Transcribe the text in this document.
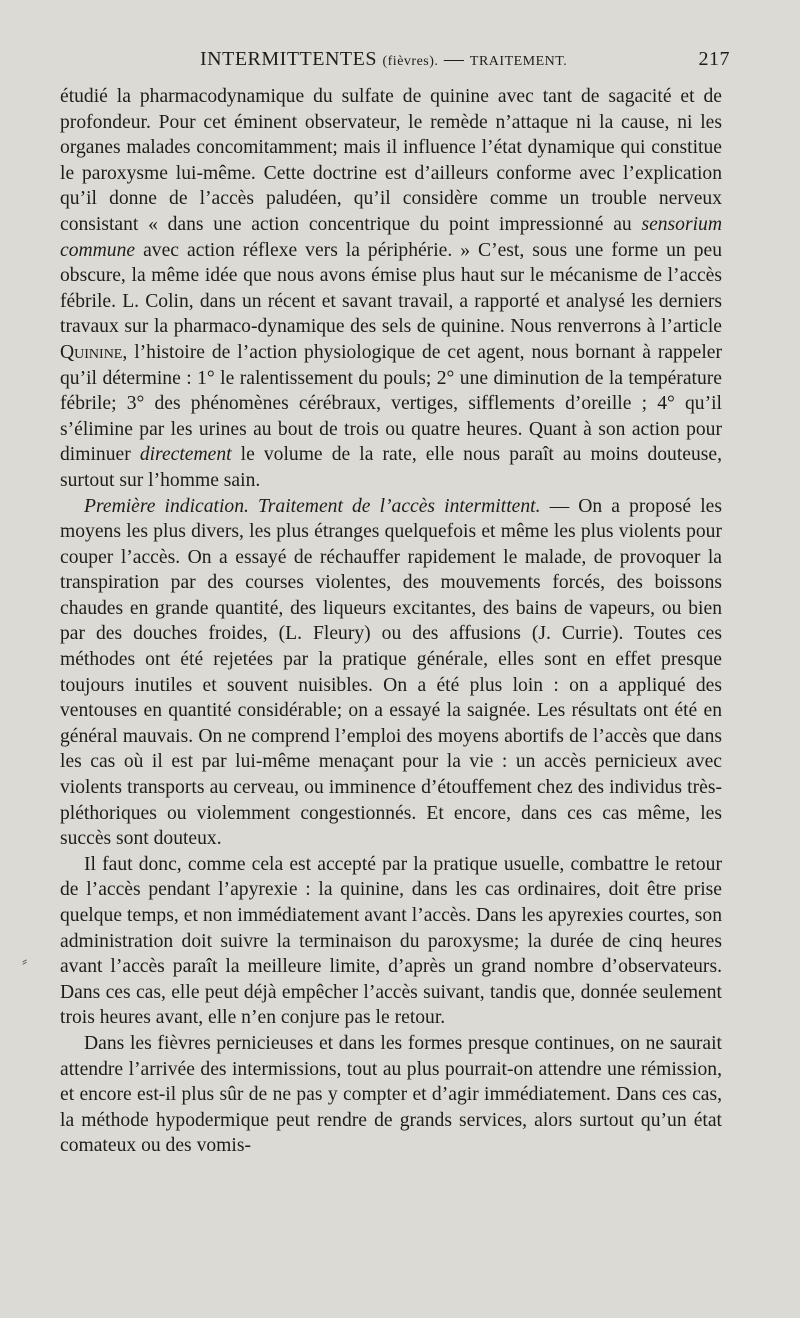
INTERMITTENTES (fièvres). — TRAITEMENT.	217
⸗

étudié la pharmacodynamique du sulfate de quinine avec tant de sagacité et de profondeur. Pour cet éminent observateur, le remède n’attaque ni la cause, ni les organes malades concomitamment; mais il influence l’état dynamique qui constitue le paroxysme lui-même. Cette doctrine est d’ailleurs conforme avec l’explication qu’il donne de l’accès paludéen, qu’il considère comme un trouble nerveux consistant « dans une action concentrique du point impressionné au sensorium commune avec action réflexe vers la périphérie. » C’est, sous une forme un peu obscure, la même idée que nous avons émise plus haut sur le mécanisme de l’accès fébrile. L. Colin, dans un récent et savant travail, a rapporté et analysé les derniers travaux sur la pharmaco-dynamique des sels de quinine. Nous renverrons à l’article Quinine, l’histoire de l’action physiologique de cet agent, nous bornant à rappeler qu’il détermine : 1° le ralentissement du pouls; 2° une diminution de la température fébrile; 3° des phénomènes cérébraux, vertiges, sifflements d’oreille ; 4° qu’il s’élimine par les urines au bout de trois ou quatre heures. Quant à son action pour diminuer directement le volume de la rate, elle nous paraît au moins douteuse, surtout sur l’homme sain.

Première indication. Traitement de l’accès intermittent. — On a proposé les moyens les plus divers, les plus étranges quelquefois et même les plus violents pour couper l’accès. On a essayé de réchauffer rapidement le malade, de provoquer la transpiration par des courses violentes, des mouvements forcés, des boissons chaudes en grande quantité, des liqueurs excitantes, des bains de vapeurs, ou bien par des douches froides, (L. Fleury) ou des affusions (J. Currie). Toutes ces méthodes ont été rejetées par la pratique générale, elles sont en effet presque toujours inutiles et souvent nuisibles. On a été plus loin : on a appliqué des ventouses en quantité considérable; on a essayé la saignée. Les résultats ont été en général mauvais. On ne comprend l’emploi des moyens abortifs de l’accès que dans les cas où il est par lui-même menaçant pour la vie : un accès pernicieux avec violents transports au cerveau, ou imminence d’étouffement chez des individus très-pléthoriques ou violemment congestionnés. Et encore, dans ces cas même, les succès sont douteux.

Il faut donc, comme cela est accepté par la pratique usuelle, combattre le retour de l’accès pendant l’apyrexie : la quinine, dans les cas ordinaires, doit être prise quelque temps, et non immédiatement avant l’accès. Dans les apyrexies courtes, son administration doit suivre la terminaison du paroxysme; la durée de cinq heures avant l’accès paraît la meilleure limite, d’après un grand nombre d’observateurs. Dans ces cas, elle peut déjà empêcher l’accès suivant, tandis que, donnée seulement trois heures avant, elle n’en conjure pas le retour.

Dans les fièvres pernicieuses et dans les formes presque continues, on ne saurait attendre l’arrivée des intermissions, tout au plus pourrait-on attendre une rémission, et encore est-il plus sûr de ne pas y compter et d’agir immédiatement. Dans ces cas, la méthode hypodermique peut rendre de grands services, alors surtout qu’un état comateux ou des vomis-
